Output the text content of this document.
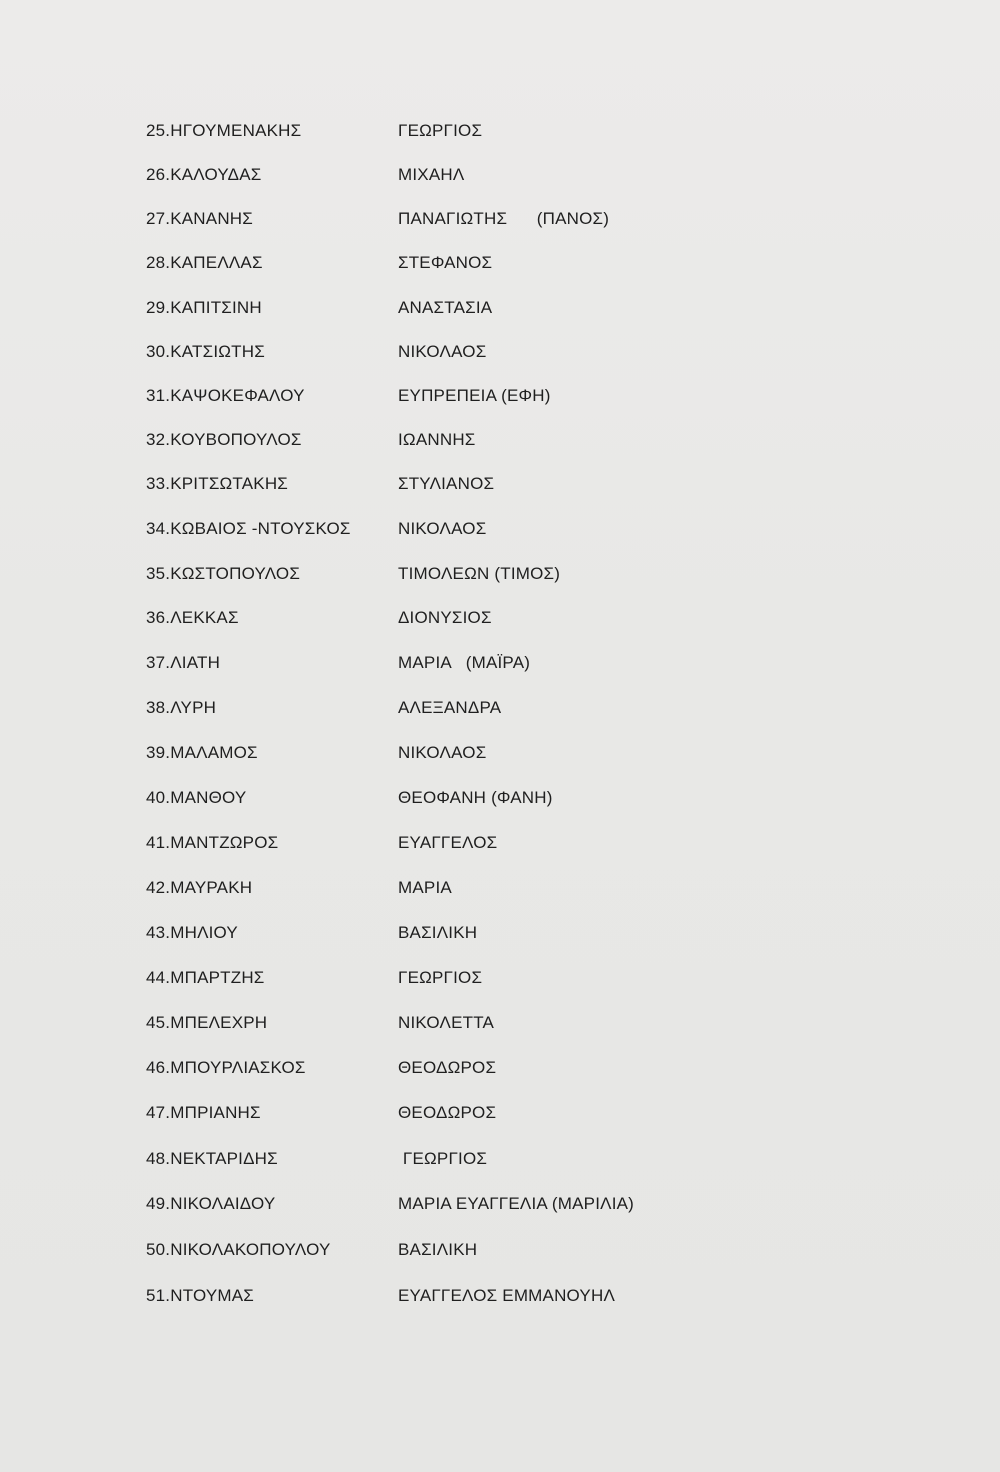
25.ΗΓΟΥΜΕΝΑΚΗΣ	ΓΕΩΡΓΙΟΣ
26.ΚΑΛΟΥΔΑΣ	ΜΙΧΑΗΛ
27.ΚΑΝΑΝΗΣ	ΠΑΝΑΓΙΩΤΗΣ      (ΠΑΝΟΣ)
28.ΚΑΠΕΛΛΑΣ	ΣΤΕΦΑΝΟΣ
29.ΚΑΠΙΤΣΙΝΗ	ΑΝΑΣΤΑΣΙΑ
30.ΚΑΤΣΙΩΤΗΣ	ΝΙΚΟΛΑΟΣ
31.ΚΑΨΟΚΕΦΑΛΟΥ	ΕΥΠΡΕΠΕΙΑ (ΕΦΗ)
32.ΚΟΥΒΟΠΟΥΛΟΣ	ΙΩΑΝΝΗΣ
33.ΚΡΙΤΣΩΤΑΚΗΣ	ΣΤΥΛΙΑΝΟΣ
34.ΚΩΒΑΙΟΣ -ΝΤΟΥΣΚΟΣ	ΝΙΚΟΛΑΟΣ
35.ΚΩΣΤΟΠΟΥΛΟΣ	ΤΙΜΟΛΕΩΝ (ΤΙΜΟΣ)
36.ΛΕΚΚΑΣ	ΔΙΟΝΥΣΙΟΣ
37.ΛΙΑΤΗ	ΜΑΡΙΑ   (ΜΑΪΡΑ)
38.ΛΥΡΗ	ΑΛΕΞΑΝΔΡΑ
39.ΜΑΛΑΜΟΣ	ΝΙΚΟΛΑΟΣ
40.ΜΑΝΘΟΥ	ΘΕΟΦΑΝΗ (ΦΑΝΗ)
41.ΜΑΝΤΖΩΡΟΣ	ΕΥΑΓΓΕΛΟΣ
42.ΜΑΥΡΑΚΗ	ΜΑΡΙΑ
43.ΜΗΛΙΟΥ	ΒΑΣΙΛΙΚΗ
44.ΜΠΑΡΤΖΗΣ	ΓΕΩΡΓΙΟΣ
45.ΜΠΕΛΕΧΡΗ	ΝΙΚΟΛΕΤΤΑ
46.ΜΠΟΥΡΛΙΑΣΚΟΣ	ΘΕΟΔΩΡΟΣ
47.ΜΠΡΙΑΝΗΣ	ΘΕΟΔΩΡΟΣ
48.ΝΕΚΤΑΡΙΔΗΣ	ΓΕΩΡΓΙΟΣ
49.ΝΙΚΟΛΑΙΔΟΥ	ΜΑΡΙΑ ΕΥΑΓΓΕΛΙΑ (ΜΑΡΙΛΙΑ)
50.ΝΙΚΟΛΑΚΟΠΟΥΛΟΥ	ΒΑΣΙΛΙΚΗ
51.ΝΤΟΥΜΑΣ	ΕΥΑΓΓΕΛΟΣ ΕΜΜΑΝΟΥΗΛ
